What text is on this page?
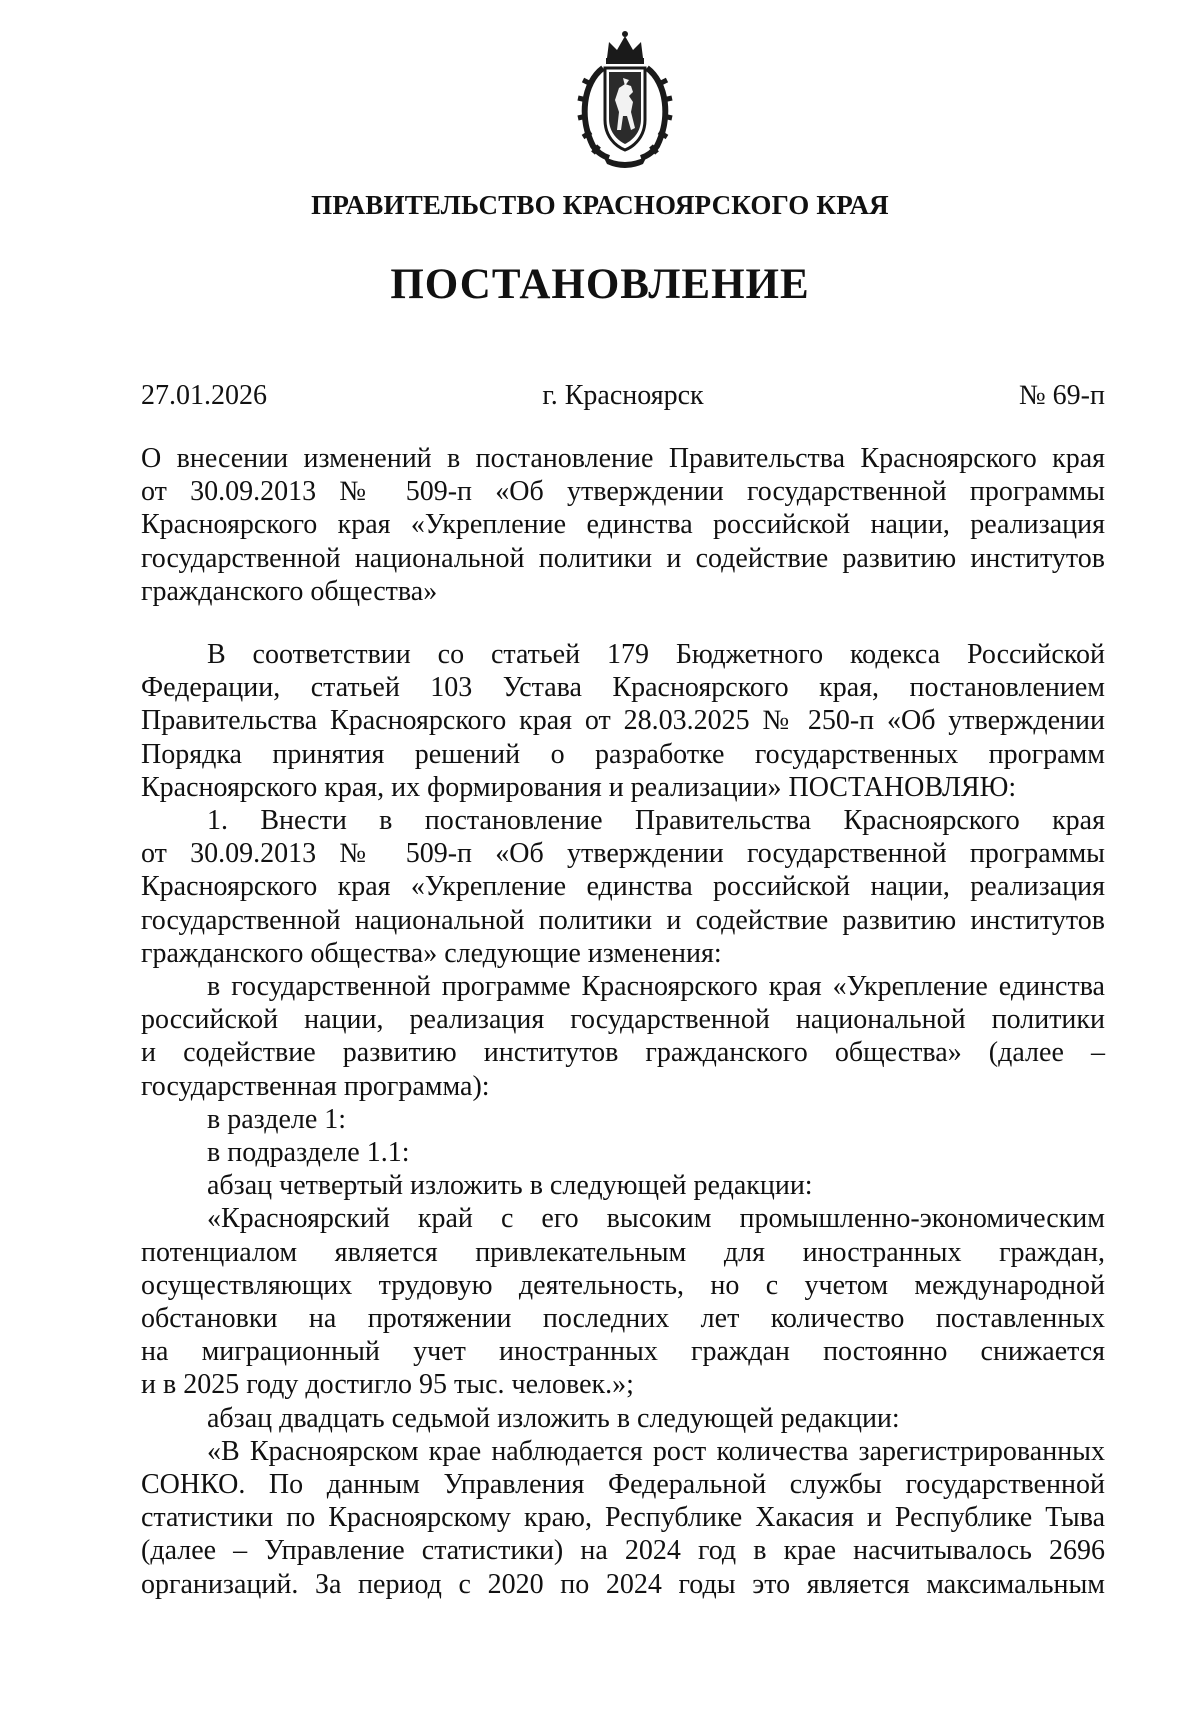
ПРАВИТЕЛЬСТВО КРАСНОЯРСКОГО КРАЯ
ПОСТАНОВЛЕНИЕ
г. Красноярск
27.01.2026	№ 69-п

О внесении изменений в постановление Правительства Красноярского края

от 30.09.2013 № 509-п «Об утверждении государственной программы

Красноярского края «Укрепление единства российской нации, реализация

государственной национальной политики и содействие развитию институтов

гражданского общества»

В соответствии со статьей 179 Бюджетного кодекса Российской

Федерации, статьей 103 Устава Красноярского края, постановлением

Правительства Красноярского края от 28.03.2025 № 250-п «Об утверждении

Порядка принятия решений о разработке государственных программ

Красноярского края, их формирования и реализации» ПОСТАНОВЛЯЮ:

1. Внести в постановление Правительства Красноярского края

от 30.09.2013 № 509-п «Об утверждении государственной программы

Красноярского края «Укрепление единства российской нации, реализация

государственной национальной политики и содействие развитию институтов

гражданского общества» следующие изменения:

в государственной программе Красноярского края «Укрепление единства

российской нации, реализация государственной национальной политики

и содействие развитию институтов гражданского общества» (далее –

государственная программа):

в разделе 1:

в подразделе 1.1:

абзац четвертый изложить в следующей редакции:

«Красноярский край с его высоким промышленно-экономическим

потенциалом является привлекательным для иностранных граждан,

осуществляющих трудовую деятельность, но с учетом международной

обстановки на протяжении последних лет количество поставленных

на миграционный учет иностранных граждан постоянно снижается

и в 2025 году достигло 95 тыс. человек.»;

абзац двадцать седьмой изложить в следующей редакции:

«В Красноярском крае наблюдается рост количества зарегистрированных

СОНКО. По данным Управления Федеральной службы государственной

статистики по Красноярскому краю, Республике Хакасия и Республике Тыва

(далее – Управление статистики) на 2024 год в крае насчитывалось 2696

организаций. За период с 2020 по 2024 годы это является максимальным
